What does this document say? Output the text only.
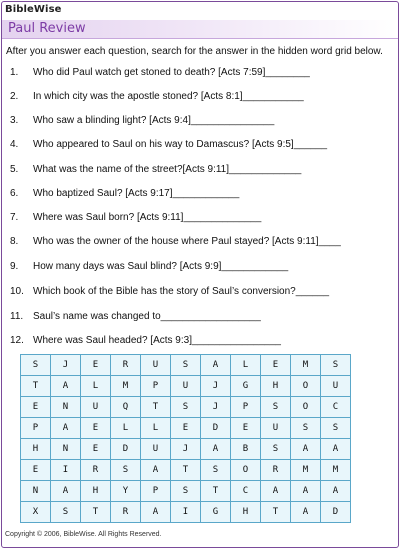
BibleWise
Paul Review
After you answer each question, search for the answer in the hidden word grid below.
1. Who did Paul watch get stoned to death? [Acts 7:59]________
2. In which city was the apostle stoned? [Acts 8:1]___________
3. Who saw a blinding light? [Acts 9:4]_______________
4. Who appeared to Saul on his way to Damascus? [Acts 9:5]______
5. What was the name of the street?[Acts 9:11]_____________
6. Who baptized Saul? [Acts 9:17]____________
7. Where was Saul born? [Acts 9:11]______________
8. Who was the owner of the house where Paul stayed? [Acts 9:11]____
9. How many days was Saul blind? [Acts 9:9]____________
10. Which book of the Bible has the story of Saul’s conversion?______
11. Saul’s name was changed to__________________
12. Where was Saul headed? [Acts 9:3]________________
S	J	E	R	U	S	A	L	E	M	S
T	A	L	M	P	U	J	G	H	O	U
E	N	U	Q	T	S	J	P	S	O	C
P	A	E	L	L	E	D	E	U	S	S
H	N	E	D	U	J	A	B	S	A	A
E	I	R	S	A	T	S	O	R	M	M
N	A	H	Y	P	S	T	C	A	A	A
X	S	T	R	A	I	G	H	T	A	D
Copyright © 2006, BibleWise. All Rights Reserved.
